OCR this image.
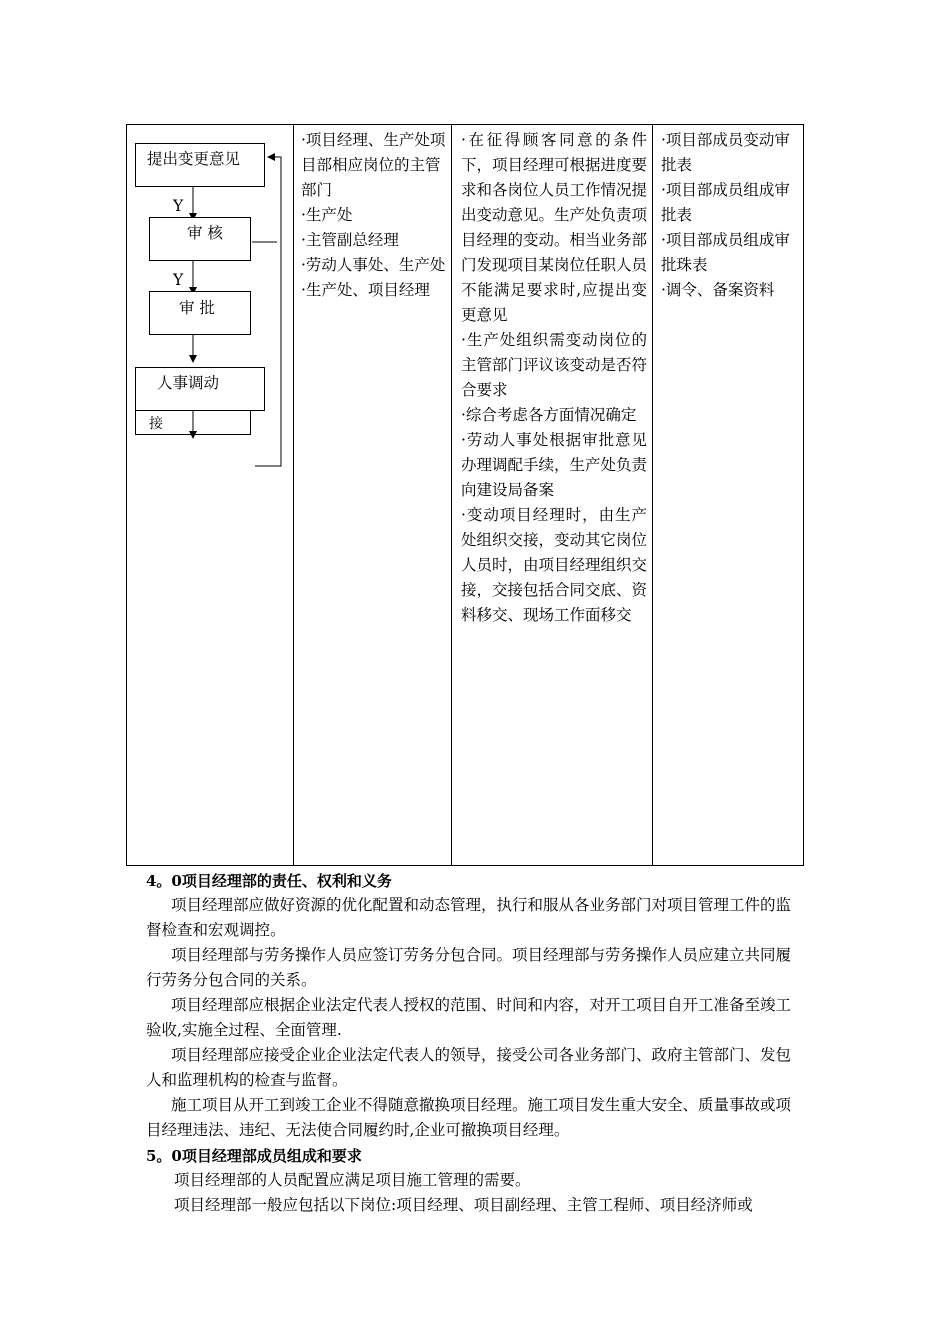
提出变更意见
Y
审 核
Y
审 批
接
人事调动

·项目经理、生产处项目部相应岗位的主管部门

·生产处

·主管副总经理

·劳动人事处、生产处

·生产处、项目经理

·在征得顾客同意的条件下，项目经理可根据进度要求和各岗位人员工作情况提出变动意见。生产处负责项目经理的变动。相当业务部门发现项目某岗位任职人员不能满足要求时,应提出变更意见

·生产处组织需变动岗位的主管部门评议该变动是否符合要求

·综合考虑各方面情况确定

·劳动人事处根据审批意见办理调配手续，生产处负责向建设局备案

·变动项目经理时，由生产处组织交接，变动其它岗位人员时，由项目经理组织交接，交接包括合同交底、资料移交、现场工作面移交

·项目部成员变动审批表

·项目部成员组成审批表

·项目部成员组成审批珠表

·调令、备案资料

4。0项目经理部的责任、权利和义务
项目经理部应做好资源的优化配置和动态管理，执行和服从各业务部门对项目管理工件的监督检查和宏观调控。
项目经理部与劳务操作人员应签订劳务分包合同。项目经理部与劳务操作人员应建立共同履行劳务分包合同的关系。
项目经理部应根据企业法定代表人授权的范围、时间和内容，对开工项目自开工准备至竣工验收,实施全过程、全面管理.
项目经理部应接受企业企业法定代表人的领导，接受公司各业务部门、政府主管部门、发包人和监理机构的检查与监督。
施工项目从开工到竣工企业不得随意撤换项目经理。施工项目发生重大安全、质量事故或项目经理违法、违纪、无法使合同履约时,企业可撤换项目经理。
5。0项目经理部成员组成和要求
项目经理部的人员配置应满足项目施工管理的需要。
项目经理部一般应包括以下岗位:项目经理、项目副经理、主管工程师、项目经济师或
